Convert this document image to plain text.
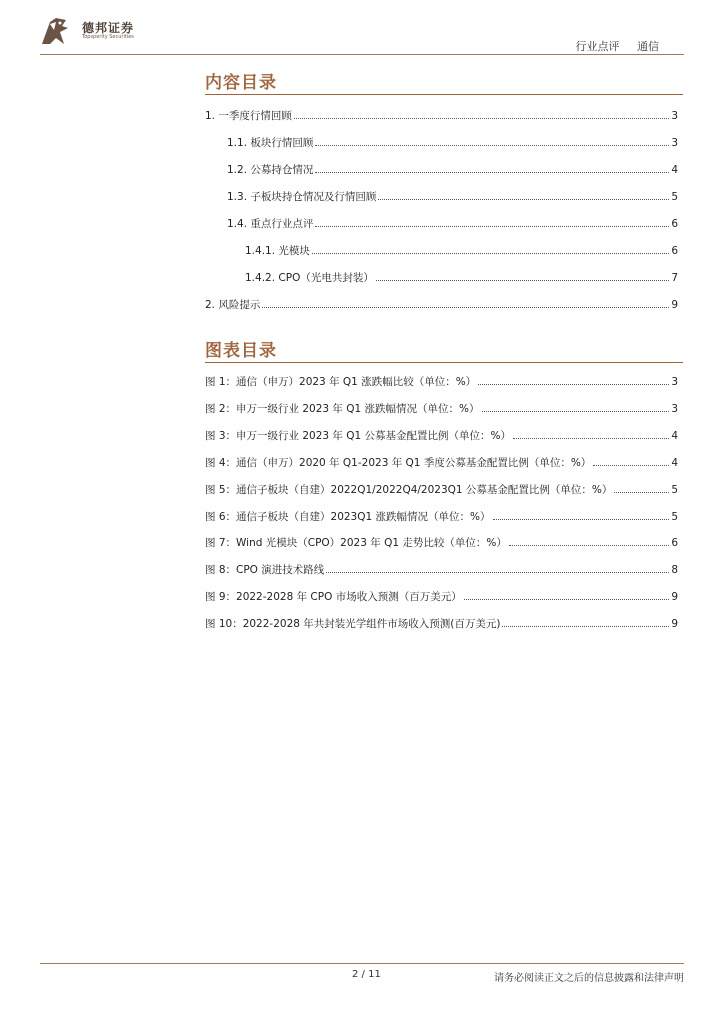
德邦证券
Topsperity Securities
行业点评 通信
内容目录
1. 一季度行情回顾	3
1.1. 板块行情回顾	3
1.2. 公募持仓情况	4
1.3. 子板块持仓情况及行情回顾	5
1.4. 重点行业点评	6
1.4.1. 光模块	6
1.4.2. CPO（光电共封装）	7
2. 风险提示	9
图表目录
图 1：通信（申万）2023 年 Q1 涨跌幅比较（单位：%）	3
图 2：申万一级行业 2023 年 Q1 涨跌幅情况（单位：%）	3
图 3：申万一级行业 2023 年 Q1 公募基金配置比例（单位：%）	4
图 4：通信（申万）2020 年 Q1-2023 年 Q1 季度公募基金配置比例（单位：%）	4
图 5：通信子板块（自建）2022Q1/2022Q4/2023Q1 公募基金配置比例（单位：%）	5
图 6：通信子板块（自建）2023Q1 涨跌幅情况（单位：%）	5
图 7：Wind 光模块（CPO）2023 年 Q1 走势比较（单位：%）	6
图 8：CPO 演进技术路线	8
图 9：2022-2028 年 CPO 市场收入预测（百万美元）	9
图 10：2022-2028 年共封装光学组件市场收入预测(百万美元)	9
2 / 11	请务必阅读正文之后的信息披露和法律声明
